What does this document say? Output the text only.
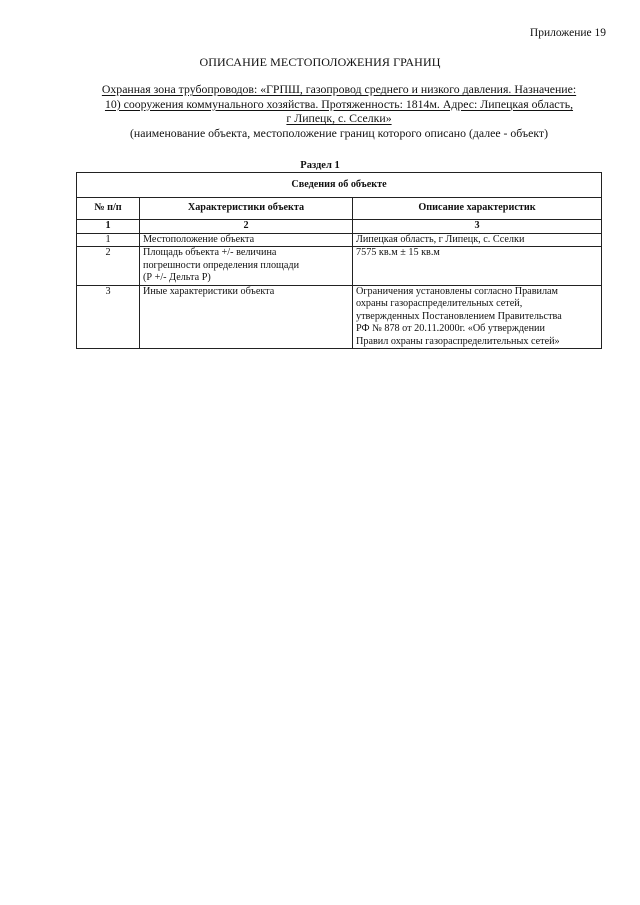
Приложение 19
ОПИСАНИЕ МЕСТОПОЛОЖЕНИЯ ГРАНИЦ
Охранная зона трубопроводов: «ГРПШ, газопровод среднего и низкого давления. Назначение:
10) сооружения коммунального хозяйства. Протяженность: 1814м. Адрес: Липецкая область,
г Липецк, с. Сселки»

(наименование объекта, местоположение границ которого описано (далее - объект)
Раздел 1
Сведения об объекте		
№ п/п	Характеристики объекта	Описание характеристик
1	2	3
1	Местоположение объекта	Липецкая область, г Липецк, с. Сселки
2	Площадь объекта +/- величина
погрешности определения площади
(Р +/- Дельта Р)	7575 кв.м ± 15 кв.м
3	Иные характеристики объекта	Ограничения установлены согласно Правилам
охраны газораспределительных сетей,
утвержденных Постановлением Правительства
РФ № 878 от 20.11.2000г. «Об утверждении
Правил охраны газораспределительных сетей»
